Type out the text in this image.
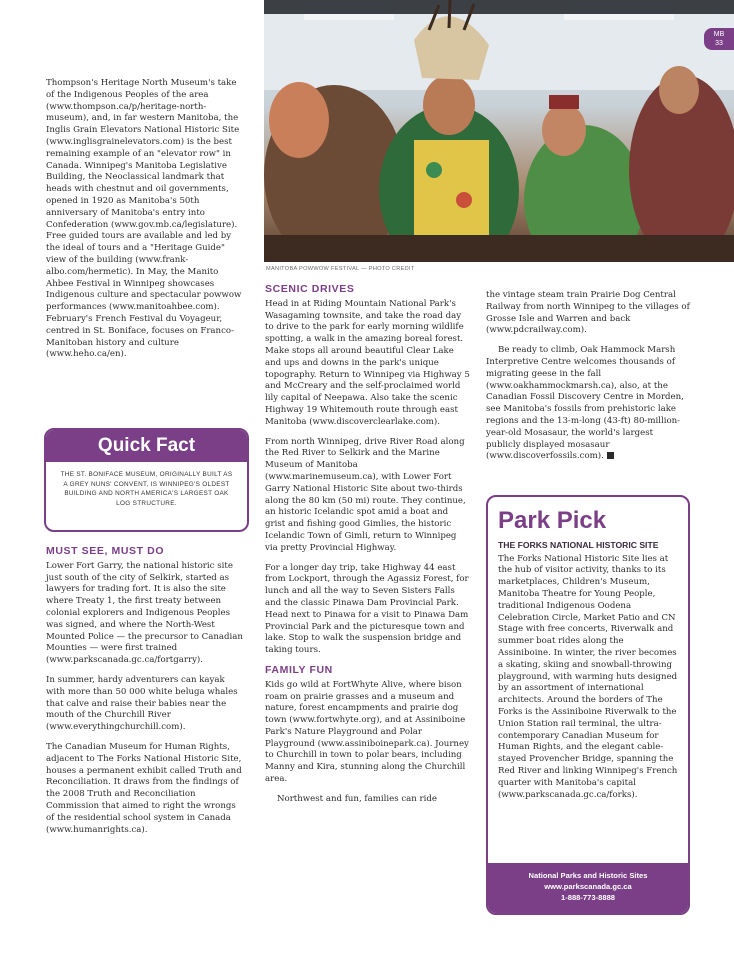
MANITOBA POWWOW FESTIVAL — PHOTO CREDIT
MB
33

Thompson's Heritage North Museum's take of the Indigenous Peoples of the area (www.thompson.ca/p/heritage-north-museum), and, in far western Manitoba, the Inglis Grain Elevators National Historic Site (www.inglisgrainelevators.com) is the best remaining example of an "elevator row" in Canada. Winnipeg's Manitoba Legislative Building, the Neoclassical landmark that heads with chestnut and oil governments, opened in 1920 as Manitoba's 50th anniversary of Manitoba's entry into Confederation (www.gov.mb.ca/legislature). Free guided tours are available and led by the ideal of tours and a "Heritage Guide" view of the building (www.frank-albo.com/hermetic). In May, the Manito Ahbee Festival in Winnipeg showcases Indigenous culture and spectacular powwow performances (www.manitoahbee.com). February's French Festival du Voyageur, centred in St. Boniface, focuses on Franco-Manitoban history and culture (www.heho.ca/en).

Quick Fact
THE ST. BONIFACE MUSEUM, ORIGINALLY BUILT AS A GREY NUNS' CONVENT, IS WINNIPEG'S OLDEST BUILDING AND NORTH AMERICA'S LARGEST OAK LOG STRUCTURE.
MUST SEE, MUST DO

Lower Fort Garry, the national historic site just south of the city of Selkirk, started as lawyers for trading fort. It is also the site where Treaty 1, the first treaty between colonial explorers and Indigenous Peoples was signed, and where the North-West Mounted Police — the precursor to Canadian Mounties — were first trained (www.parkscanada.gc.ca/fortgarry).

In summer, hardy adventurers can kayak with more than 50 000 white beluga whales that calve and raise their babies near the mouth of the Churchill River (www.everythingchurchill.com).

The Canadian Museum for Human Rights, adjacent to The Forks National Historic Site, houses a permanent exhibit called Truth and Reconciliation. It draws from the findings of the 2008 Truth and Reconciliation Commission that aimed to right the wrongs of the residential school system in Canada (www.humanrights.ca).

SCENIC DRIVES

Head in at Riding Mountain National Park's Wasagaming townsite, and take the road day to drive to the park for early morning wildlife spotting, a walk in the amazing boreal forest. Make stops all around beautiful Clear Lake and ups and downs in the park's unique topography. Return to Winnipeg via Highway 5 and McCreary and the self-proclaimed world lily capital of Neepawa. Also take the scenic Highway 19 Whitemouth route through east Manitoba (www.discoverclearlake.com).

From north Winnipeg, drive River Road along the Red River to Selkirk and the Marine Museum of Manitoba (www.marinemuseum.ca), with Lower Fort Garry National Historic Site about two-thirds along the 80 km (50 mi) route. They continue, an historic Icelandic spot amid a boat and grist and fishing good Gimlies, the historic Icelandic Town of Gimli, return to Winnipeg via pretty Provincial Highway.

For a longer day trip, take Highway 44 east from Lockport, through the Agassiz Forest, for lunch and all the way to Seven Sisters Falls and the classic Pinawa Dam Provincial Park. Head next to Pinawa for a visit to Pinawa Dam Provincial Park and the picturesque town and lake. Stop to walk the suspension bridge and taking tours.

FAMILY FUN

Kids go wild at FortWhyte Alive, where bison roam on prairie grasses and a museum and nature, forest encampments and prairie dog town (www.fortwhyte.org), and at Assiniboine Park's Nature Playground and Polar Playground (www.assiniboinepark.ca). Journey to Churchill in town to polar bears, including Manny and Kira, stunning along the Churchill area.

Northwest and fun, families can ride

the vintage steam train Prairie Dog Central Railway from north Winnipeg to the villages of Grosse Isle and Warren and back (www.pdcrailway.com).

Be ready to climb, Oak Hammock Marsh Interpretive Centre welcomes thousands of migrating geese in the fall (www.oakhammockmarsh.ca), also, at the Canadian Fossil Discovery Centre in Morden, see Manitoba's fossils from prehistoric lake regions and the 13-m-long (43-ft) 80-million-year-old Mosasaur, the world's largest publicly displayed mosasaur (www.discoverfossils.com).

Park Pick
THE FORKS NATIONAL HISTORIC SITE
The Forks National Historic Site lies at the hub of visitor activity, thanks to its marketplaces, Children's Museum, Manitoba Theatre for Young People, traditional Indigenous Oodena Celebration Circle, Market Patio and CN Stage with free concerts, Riverwalk and summer boat rides along the Assiniboine. In winter, the river becomes a skating, skiing and snowball-throwing playground, with warming huts designed by an assortment of international architects. Around the borders of The Forks is the Assiniboine Riverwalk to the Union Station rail terminal, the ultra-contemporary Canadian Museum for Human Rights, and the elegant cable-stayed Provencher Bridge, spanning the Red River and linking Winnipeg's French quarter with Manitoba's capital (www.parkscanada.gc.ca/forks).
National Parks and Historic Sites
www.parkscanada.gc.ca
1-888-773-8888
